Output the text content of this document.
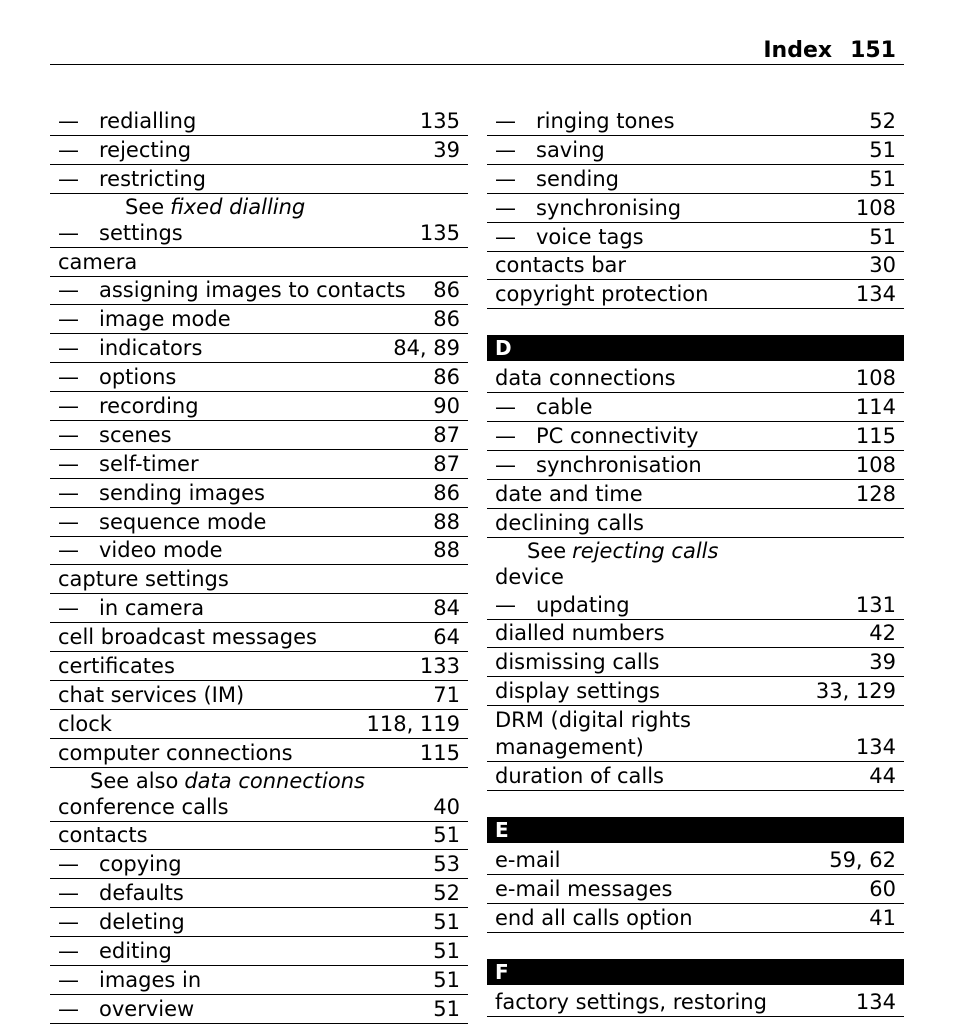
Index 151
— redialling	135
— rejecting	39
— restricting
See fixed dialling
— settings	135
camera
— assigning images to contacts 86
— image mode	86
— indicators	84, 89
— options	86
— recording	90
— scenes	87
— self-timer	87
— sending images	86
— sequence mode	88
— video mode	88
capture settings
— in camera	84
cell broadcast messages	64
certificates	133
chat services (IM)	71
clock	118, 119
computer connections	115
See also data connections
conference calls	40
contacts	51
— copying	53
— defaults	52
— deleting	51
— editing	51
— images in	51
— overview	51
— ringing tones	52
— saving	51
— sending	51
— synchronising	108
— voice tags	51
contacts bar	30
copyright protection	134
D
data connections	108
— cable	114
— PC connectivity	115
— synchronisation	108
date and time	128
declining calls
See rejecting calls
device
— updating	131
dialled numbers	42
dismissing calls	39
display settings	33, 129
DRM (digital rights management)	134
duration of calls	44
E
e-mail	59, 62
e-mail messages	60
end all calls option	41
F
factory settings, restoring	134
